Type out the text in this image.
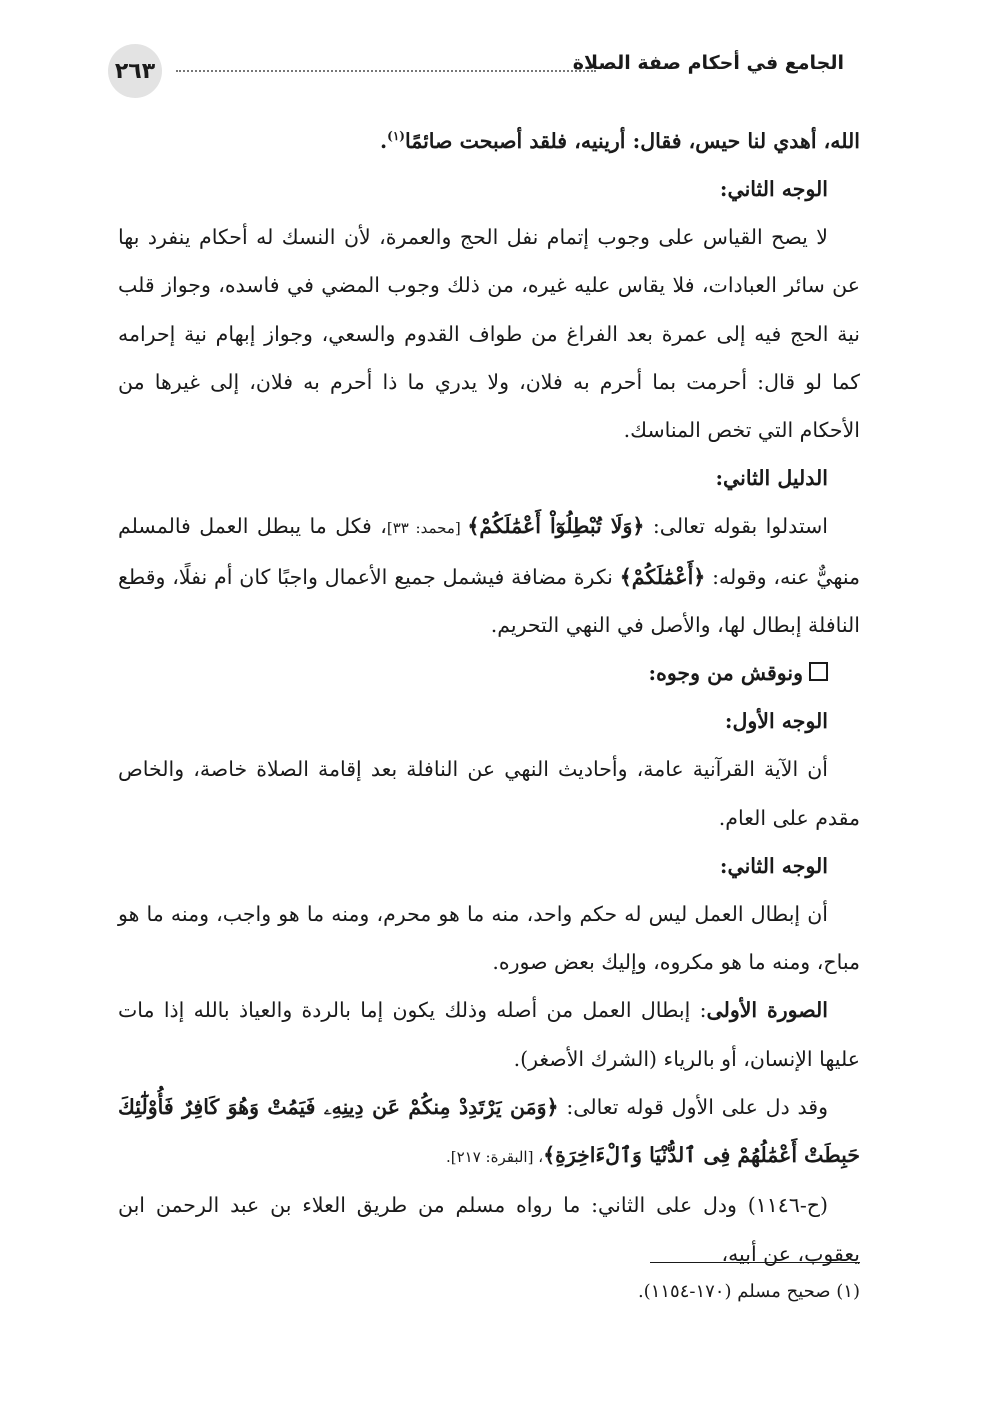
٢٦٣	الجامع ﻓﻲ أحكام صفة الصلاة

الله، أهدي لنا حيس، فقال: أرينيه، فلقد أصبحت صائمًا$^{(١)}$.

الوجه الثاني:

لا يصح القياس على وجوب إتمام نفل الحج والعمرة، لأن النسك له أحكام ينفرد بها عن سائر العبادات، فلا يقاس عليه غيره، من ذلك وجوب المضي في فاسده، وجواز قلب نية الحج فيه إلى عمرة بعد الفراغ من طواف القدوم والسعي، وجواز إبهام نية إحرامه كما لو قال: أحرمت بما أحرم به فلان، ولا يدري ما ذا أحرم به فلان، إلى غيرها من الأحكام التي تخص المناسك.

الدليل الثاني:

استدلوا بقوله تعالى: ﴿وَلَا تُبْطِلُوٓاْ أَعْمَٰلَكُمْ﴾ [محمد: ٣٣]، فكل ما يبطل العمل فالمسلم منهيٌّ عنه، وقوله: ﴿أَعْمَٰلَكُمْ﴾ نكرة مضافة فيشمل جميع الأعمال واجبًا كان أم نفلًا، وقطع النافلة إبطال لها، والأصل في النهي التحريم.

ونوقش من وجوه:

الوجه الأول:

أن الآية القرآنية عامة، وأحاديث النهي عن النافلة بعد إقامة الصلاة خاصة، والخاص مقدم على العام.

الوجه الثاني:

أن إبطال العمل ليس له حكم واحد، منه ما هو محرم، ومنه ما هو واجب، ومنه ما هو مباح، ومنه ما هو مكروه، وإليك بعض صوره.

الصورة الأولى: إبطال العمل من أصله وذلك يكون إما بالردة والعياذ بالله إذا مات عليها الإنسان، أو بالرياء (الشرك الأصغر).

وقد دل على الأول قوله تعالى: ﴿وَمَن يَرْتَدِدْ مِنكُمْ عَن دِينِهِۦ فَيَمُتْ وَهُوَ كَافِرٌ فَأُوْلَٰٓئِكَ حَبِطَتْ أَعْمَٰلُهُمْ فِى ٱلدُّنْيَا وَٱلْءَاخِرَةِ﴾، [البقرة: ٢١٧].

(ح-١١٤٦) ودل على الثاني: ما رواه مسلم من طريق العلاء بن عبد الرحمن ابن يعقوب، عن أبيه،

(١) صحيح مسلم (١٧٠-١١٥٤).
